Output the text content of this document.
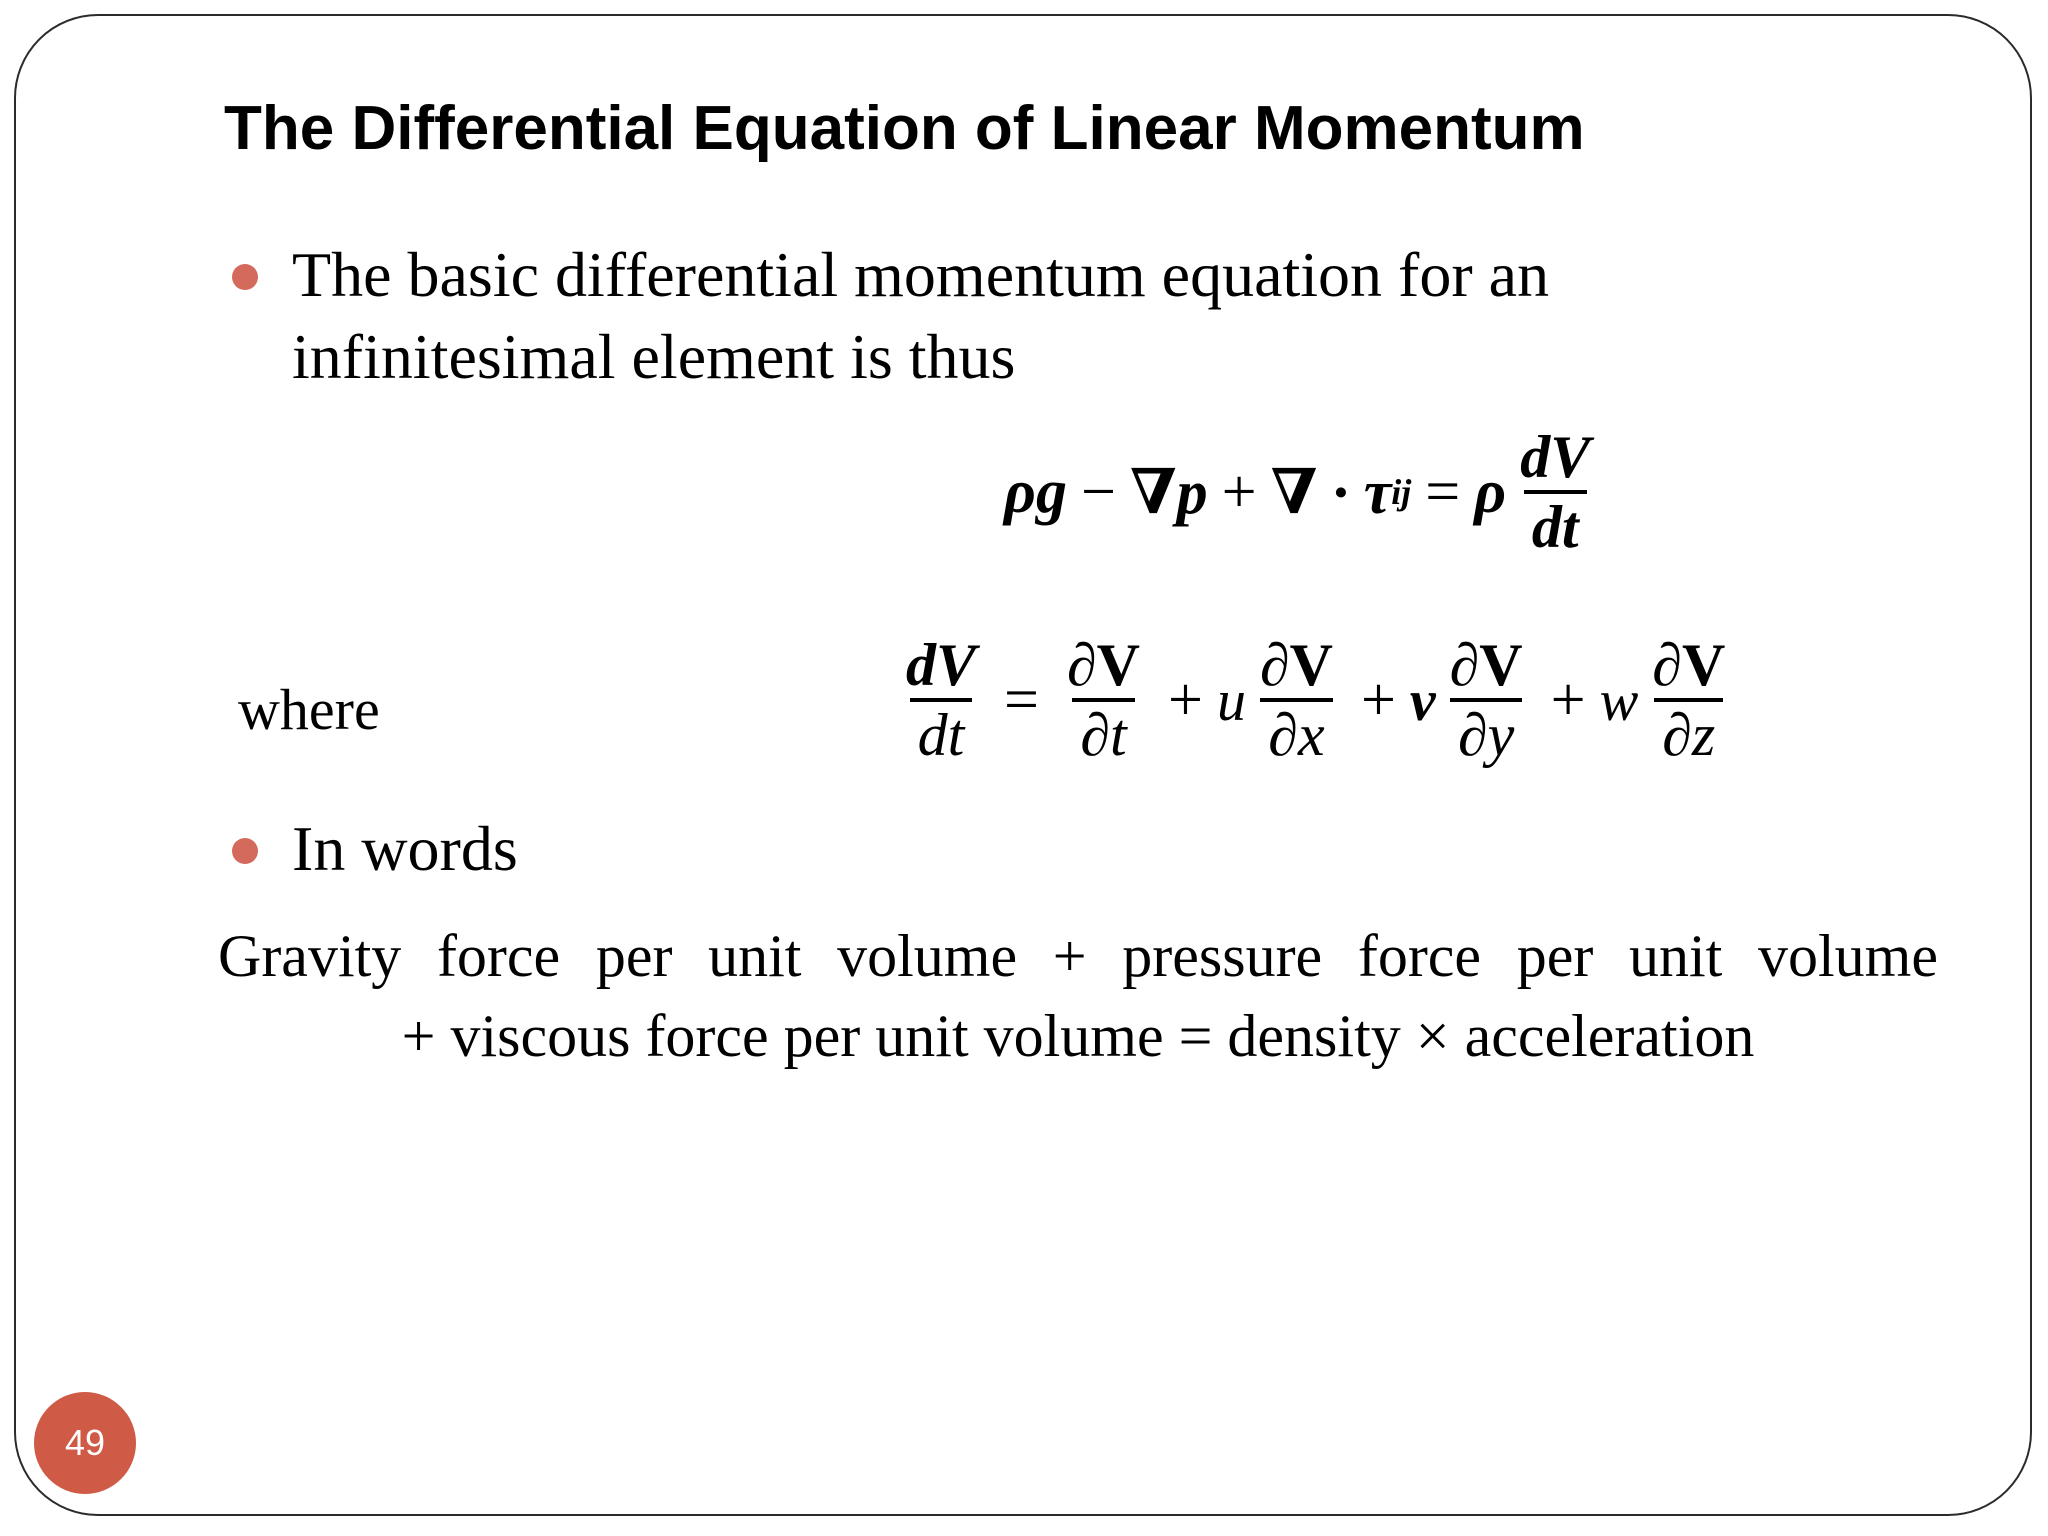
The Differential Equation of Linear Momentum
The basic differential momentum equation for an
infinitesimal element is thus
ρg − ∇p + ∇ · τ ij = ρ $\frac{dV}{dt}$
where	$\frac{dV}{dt} = \frac{\partial V}{\partial t} + u \frac{\partial V}{\partial x} + v \frac{\partial V}{\partial y} + w \frac{\partial V}{\partial z}$
In words
Gravity force per unit volume + pressure force per unit volume
+ viscous force per unit volume = density × acceleration
49
